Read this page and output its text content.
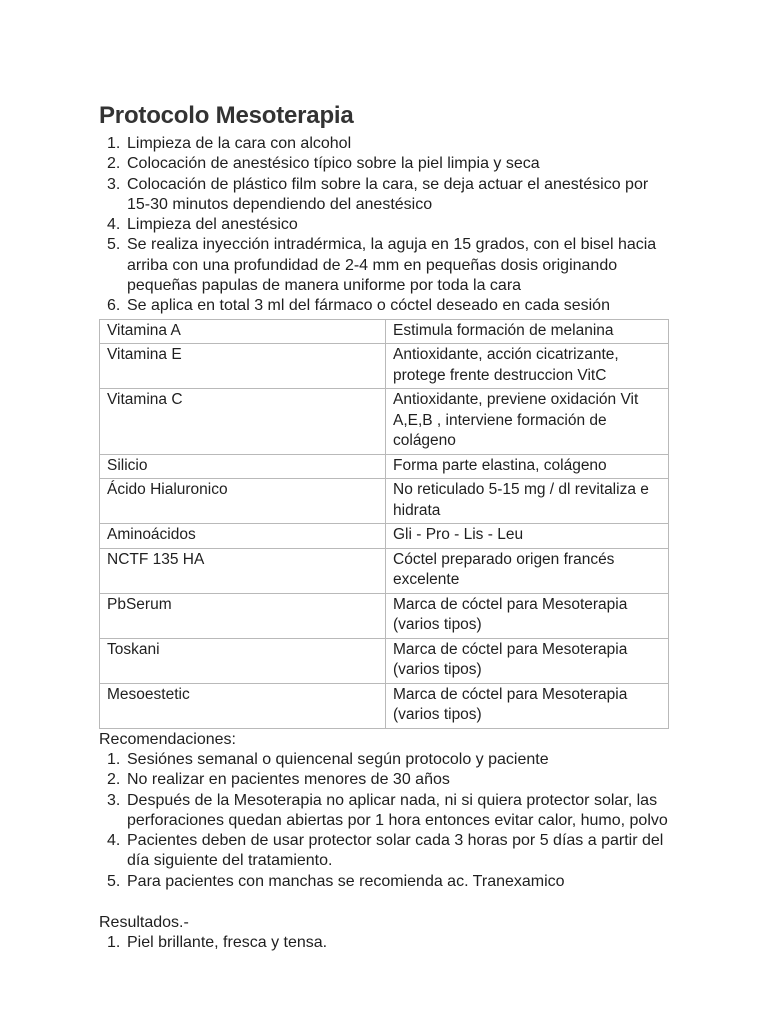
Protocolo Mesoterapia
1. Limpieza de la cara con alcohol
2. Colocación de anestésico típico sobre la piel limpia y seca
3. Colocación de plástico film sobre la cara, se deja actuar el anestésico por 15-30 minutos dependiendo del anestésico
4. Limpieza del anestésico
5. Se realiza inyección intradérmica, la aguja en 15 grados, con el bisel hacia arriba con una profundidad de 2-4 mm en pequeñas dosis originando pequeñas papulas de manera uniforme por toda la cara
6. Se aplica en total 3 ml del fármaco o cóctel deseado en cada sesión
Vitamina A	Estimula formación de melanina
Vitamina E	Antioxidante, acción cicatrizante, protege frente destruccion VitC
Vitamina C	Antioxidante, previene oxidación Vit A,E,B , interviene formación de colágeno
Silicio	Forma parte elastina, colágeno
Ácido Hialuronico	No reticulado 5-15 mg / dl revitaliza e hidrata
Aminoácidos	Gli - Pro - Lis - Leu
NCTF 135 HA	Cóctel preparado origen francés excelente
PbSerum	Marca de cóctel para Mesoterapia (varios tipos)
Toskani	Marca de cóctel para Mesoterapia (varios tipos)
Mesoestetic	Marca de cóctel para Mesoterapia (varios tipos)
Recomendaciones:
1. Sesiónes semanal o quiencenal según protocolo y paciente
2. No realizar en pacientes menores de 30 años
3. Después de la Mesoterapia no aplicar nada, ni si quiera protector solar, las perforaciones quedan abiertas por 1 hora entonces evitar calor, humo, polvo
4. Pacientes deben de usar protector solar cada 3 horas por 5 días a partir del día siguiente del tratamiento.
5. Para pacientes con manchas se recomienda ac. Tranexamico
Resultados.-
1. Piel brillante, fresca y tensa.
